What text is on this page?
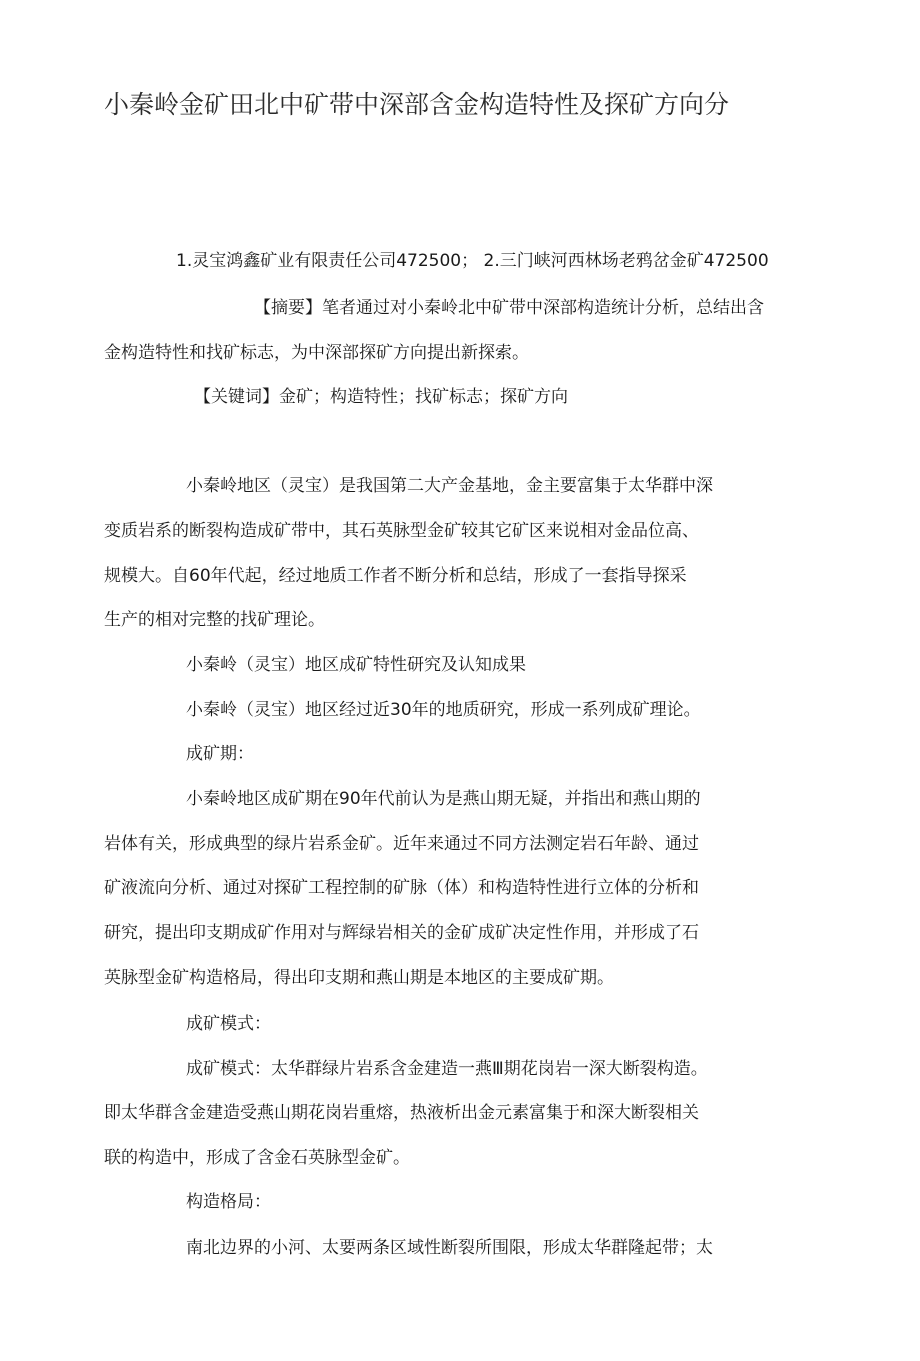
小秦岭金矿田北中矿带中深部含金构造特性及探矿方向分
1.灵宝鸿鑫矿业有限责任公司472500； 2.三门峡河西林场老鸦岔金矿472500
【摘要】笔者通过对小秦岭北中矿带中深部构造统计分析，总结出含
金构造特性和找矿标志，为中深部探矿方向提出新探索。
【关键词】金矿；构造特性；找矿标志；探矿方向
小秦岭地区（灵宝）是我国第二大产金基地，金主要富集于太华群中深
变质岩系的断裂构造成矿带中，其石英脉型金矿较其它矿区来说相对金品位高、
规模大。自60年代起，经过地质工作者不断分析和总结，形成了一套指导探采
生产的相对完整的找矿理论。
小秦岭（灵宝）地区成矿特性研究及认知成果
小秦岭（灵宝）地区经过近30年的地质研究，形成一系列成矿理论。
成矿期：
小秦岭地区成矿期在90年代前认为是燕山期无疑，并指出和燕山期的
岩体有关，形成典型的绿片岩系金矿。近年来通过不同方法测定岩石年龄、通过
矿液流向分析、通过对探矿工程控制的矿脉（体）和构造特性进行立体的分析和
研究，提出印支期成矿作用对与辉绿岩相关的金矿成矿决定性作用，并形成了石
英脉型金矿构造格局，得出印支期和燕山期是本地区的主要成矿期。
成矿模式：
成矿模式：太华群绿片岩系含金建造一燕Ⅲ期花岗岩一深大断裂构造。
即太华群含金建造受燕山期花岗岩重熔，热液析出金元素富集于和深大断裂相关
联的构造中，形成了含金石英脉型金矿。
构造格局：
南北边界的小河、太要两条区域性断裂所围限，形成太华群隆起带；太
